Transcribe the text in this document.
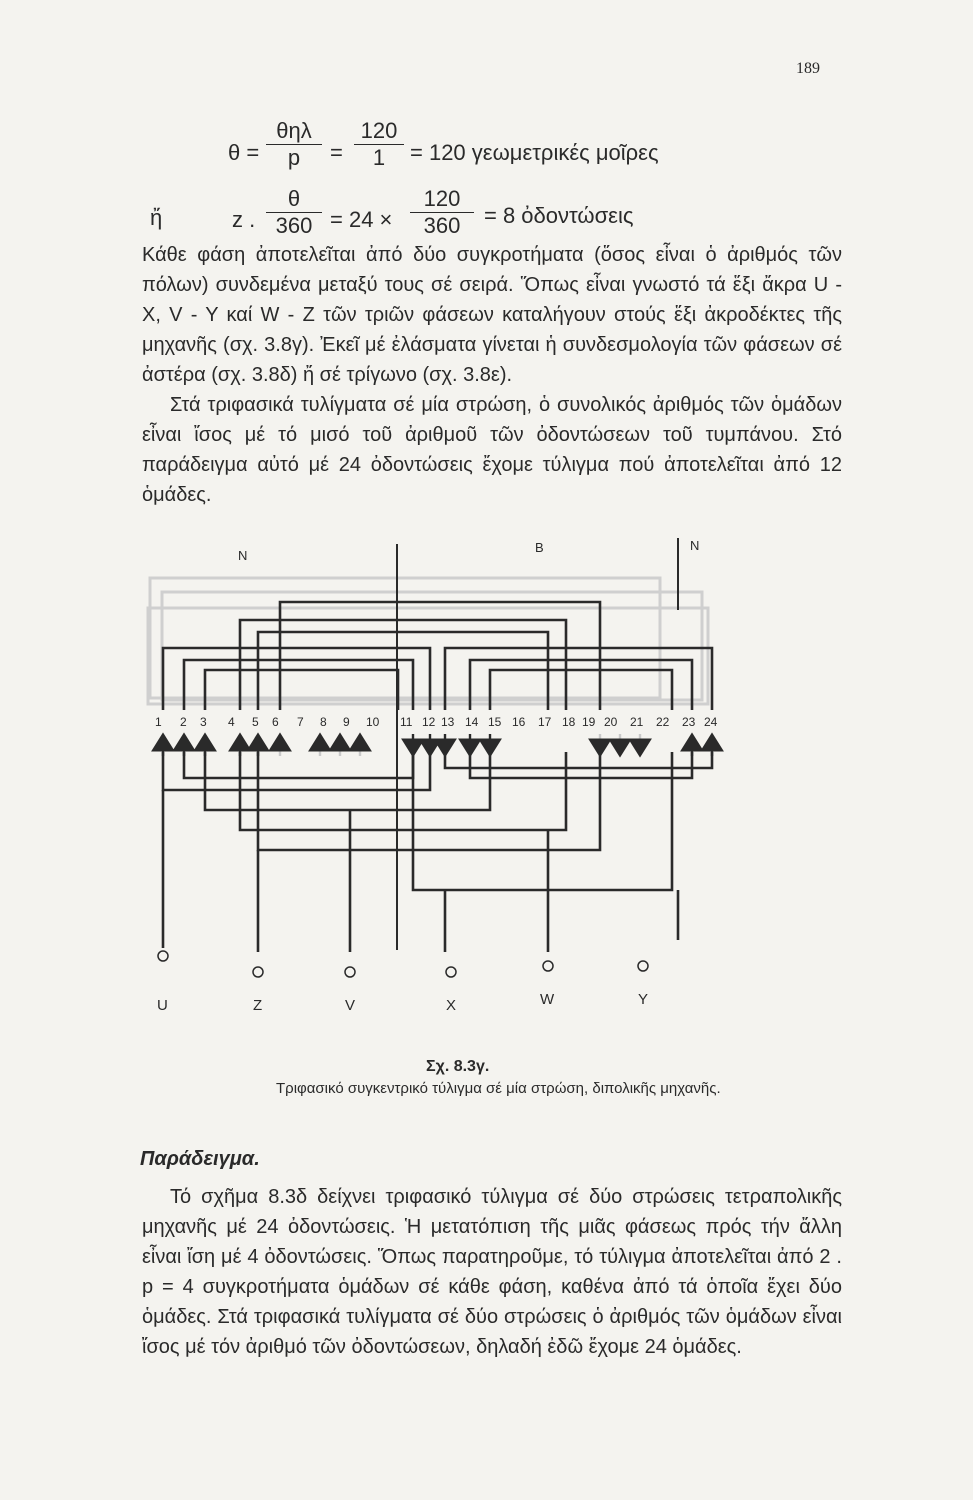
189
θ =
θηλ
p	= $\frac{120}{1} = 120$ γεωμετρικές μοῖρες
ἤ	z . $\frac{\theta}{360} = 24 \times \frac{120}{360} = 8$ ὀδοντώσεις

Κάθε φάση ἀποτελεῖται ἀπό δύο συγκροτήματα (ὅσος εἶναι ὁ ἀριθμός τῶν πόλων) συνδεμένα μεταξύ τους σέ σειρά. Ὅπως εἶναι γνωστό τά ἕξι ἄκρα U - X, V - Y καί W - Z τῶν τριῶν φάσεων καταλήγουν στούς ἕξι ἀκροδέκτες τῆς μηχανῆς (σχ. 3.8γ). Ἐκεῖ μέ ἐλάσματα γίνεται ἡ συνδεσμολογία τῶν φάσεων σέ ἀστέρα (σχ. 3.8δ) ἤ σέ τρίγωνο (σχ. 3.8ε).

Στά τριφασικά τυλίγματα σέ μία στρώση, ὁ συνολικός ἀριθμός τῶν ὁμάδων εἶναι ἴσος μέ τό μισό τοῦ ἀριθμοῦ τῶν ὀδοντώσεων τοῦ τυμπάνου. Στό παράδειγμα αὐτό μέ 24 ὀδοντώσεις ἔχομε τύλιγμα πού ἀποτελεῖται ἀπό 12 ὁμάδες.

N
B	N
1 2 3 4 5 6 7 8 9 10 11 12 13 14 15 16 17 18 19 20 21 22 23 24
U	Z	V	X	W	Y
Σχ. 8.3γ.
Τριφασικό συγκεντρικό τύλιγμα σέ μία στρώση, διπολικῆς μηχανῆς.
Παράδειγμα.

Τό σχῆμα 8.3δ δείχνει τριφασικό τύλιγμα σέ δύο στρώσεις τετραπολικῆς μηχανῆς μέ 24 ὀδοντώσεις. Ἡ μετατόπιση τῆς μιᾶς φάσεως πρός τήν ἄλλη εἶναι ἴση μέ 4 ὀδοντώσεις. Ὅπως παρατηροῦμε, τό τύλιγμα ἀποτελεῖται ἀπό 2 . p = 4 συγκροτήματα ὁμάδων σέ κάθε φάση, καθένα ἀπό τά ὁποῖα ἔχει δύο ὁμάδες. Στά τριφασικά τυλίγματα σέ δύο στρώσεις ὁ ἀριθμός τῶν ὁμάδων εἶναι ἴσος μέ τόν ἀριθμό τῶν ὀδοντώσεων, δηλαδή ἐδῶ ἔχομε 24 ὁμάδες.
